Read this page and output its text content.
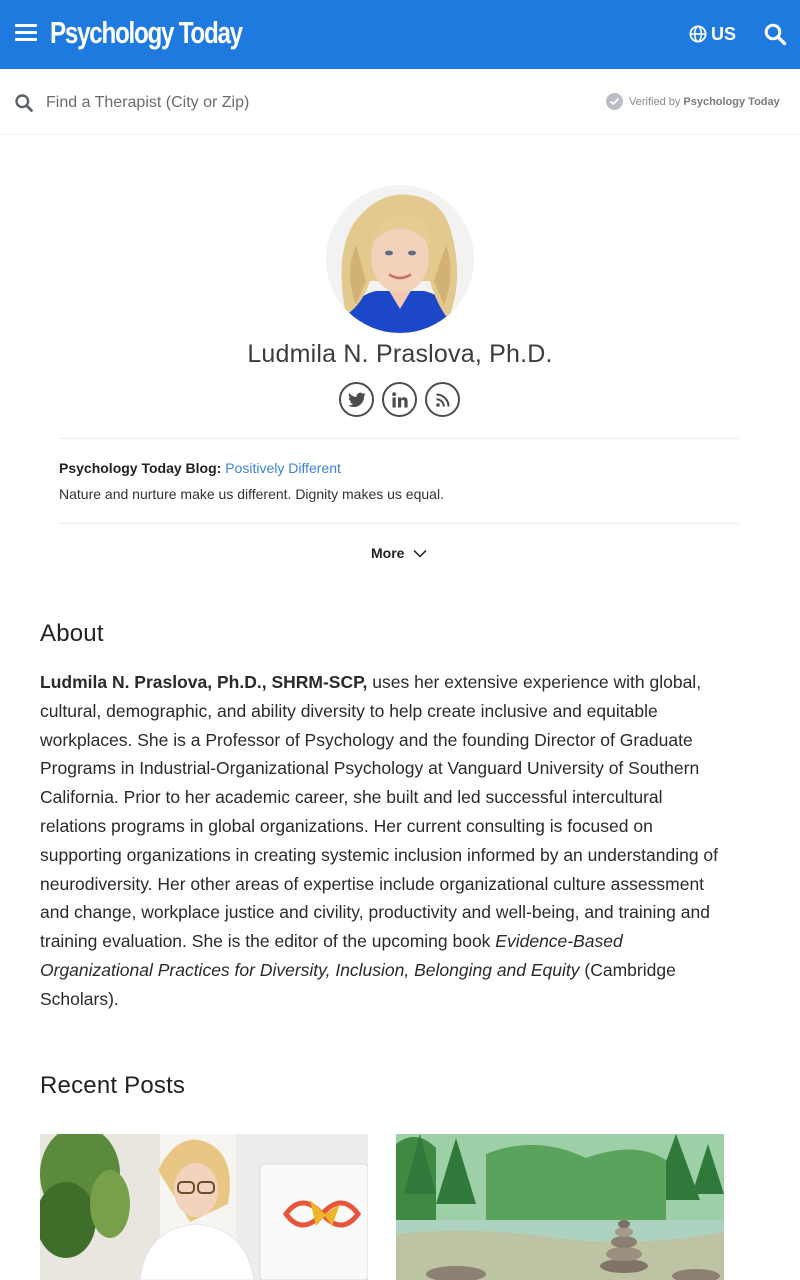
Psychology Today	US
Find a Therapist (City or Zip)
Verified by Psychology Today
Ludmila N. Praslova, Ph.D.
Psychology Today Blog: Positively Different
Nature and nurture make us different. Dignity makes us equal.
More
About
Ludmila N. Praslova, Ph.D., SHRM-SCP, uses her extensive experience with global, cultural, demographic, and ability diversity to help create inclusive and equitable workplaces. She is a Professor of Psychology and the founding Director of Graduate Programs in Industrial-Organizational Psychology at Vanguard University of Southern California. Prior to her academic career, she built and led successful intercultural relations programs in global organizations. Her current consulting is focused on supporting organizations in creating systemic inclusion informed by an understanding of neurodiversity. Her other areas of expertise include organizational culture assessment and change, workplace justice and civility, productivity and well-being, and training and training evaluation. She is the editor of the upcoming book Evidence-Based Organizational Practices for Diversity, Inclusion, Belonging and Equity (Cambridge Scholars).
Recent Posts
